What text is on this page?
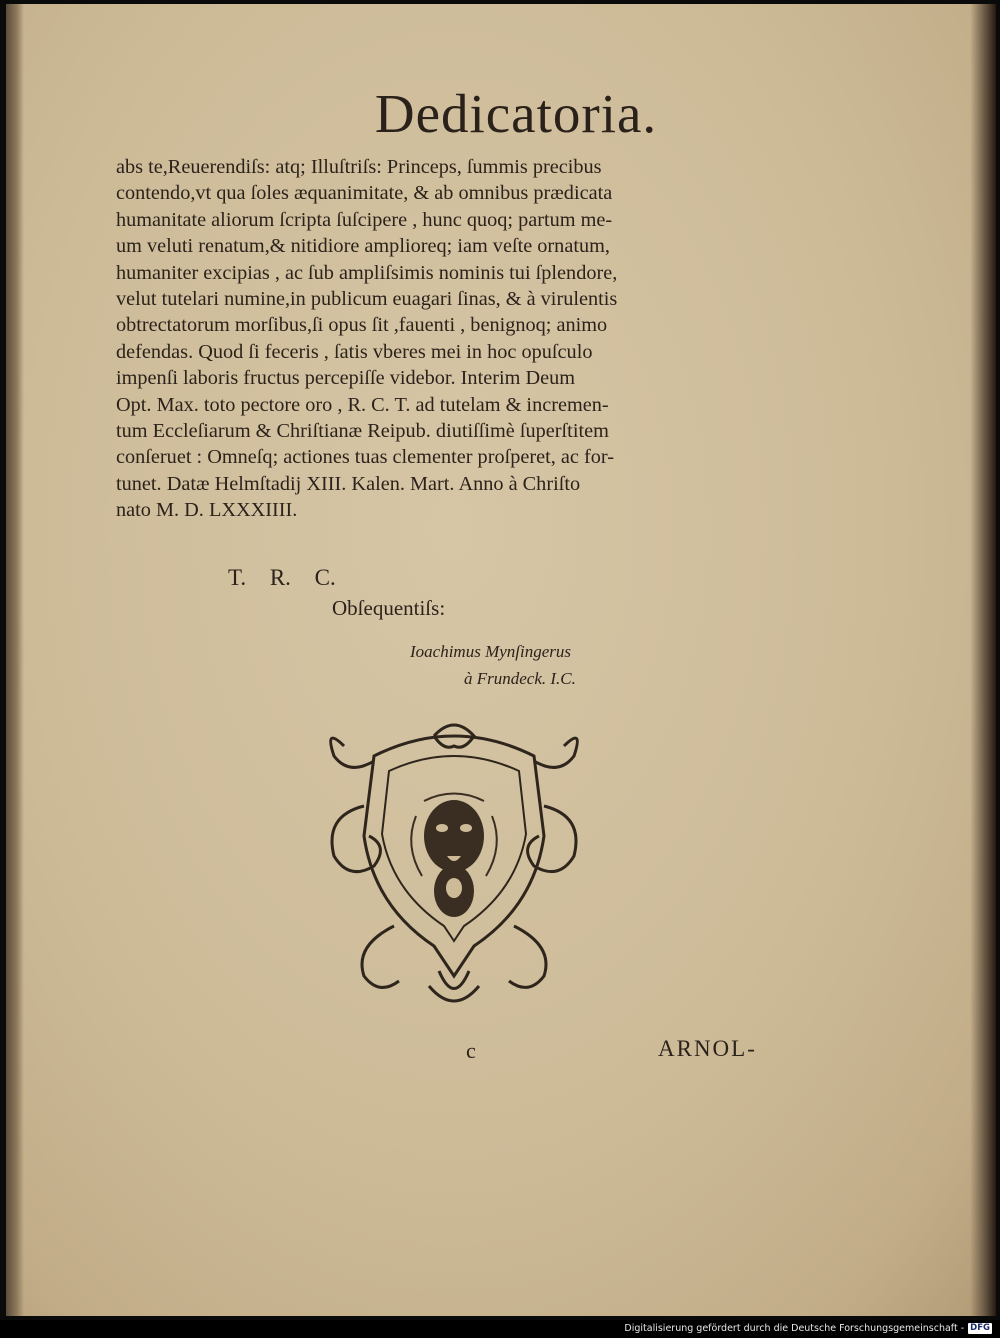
Dedicatoria.
abs te,Reuerendiſs: atq; Illuſtriſs: Princeps, ſummis precibus
contendo,vt qua ſoles æquanimitate, & ab omnibus prædicata
humanitate aliorum ſcripta ſuſcipere , hunc quoq; partum me-
um veluti renatum,& nitidiore amplioreq; iam veſte ornatum,
humaniter excipias , ac ſub ampliſsimis nominis tui ſplendore,
velut tutelari numine,in publicum euagari ſinas, & à virulentis
obtrectatorum morſibus,ſi opus ſit ,fauenti , benignoq; animo
defendas. Quod ſi feceris , ſatis vberes mei in hoc opuſculo
impenſi laboris fructus percepiſſe videbor. Interim Deum
Opt. Max. toto pectore oro , R. C. T. ad tutelam & incremen-
tum Eccleſiarum & Chriſtianæ Reipub. diutiſſimè ſuperſtitem
conſeruet : Omneſq; actiones tuas clementer proſperet, ac for-
tunet. Datæ Helmſtadij XIII. Kalen. Mart. Anno à Chriſto
nato M. D. LXXXIIII.
T. R. C.
Obſequentiſs:
Ioachimus Mynſingerus
à Frundeck. I.C.
c	ARNOL-
Digitalisierung gefördert durch die Deutsche Forschungsgemeinschaft - DFG
